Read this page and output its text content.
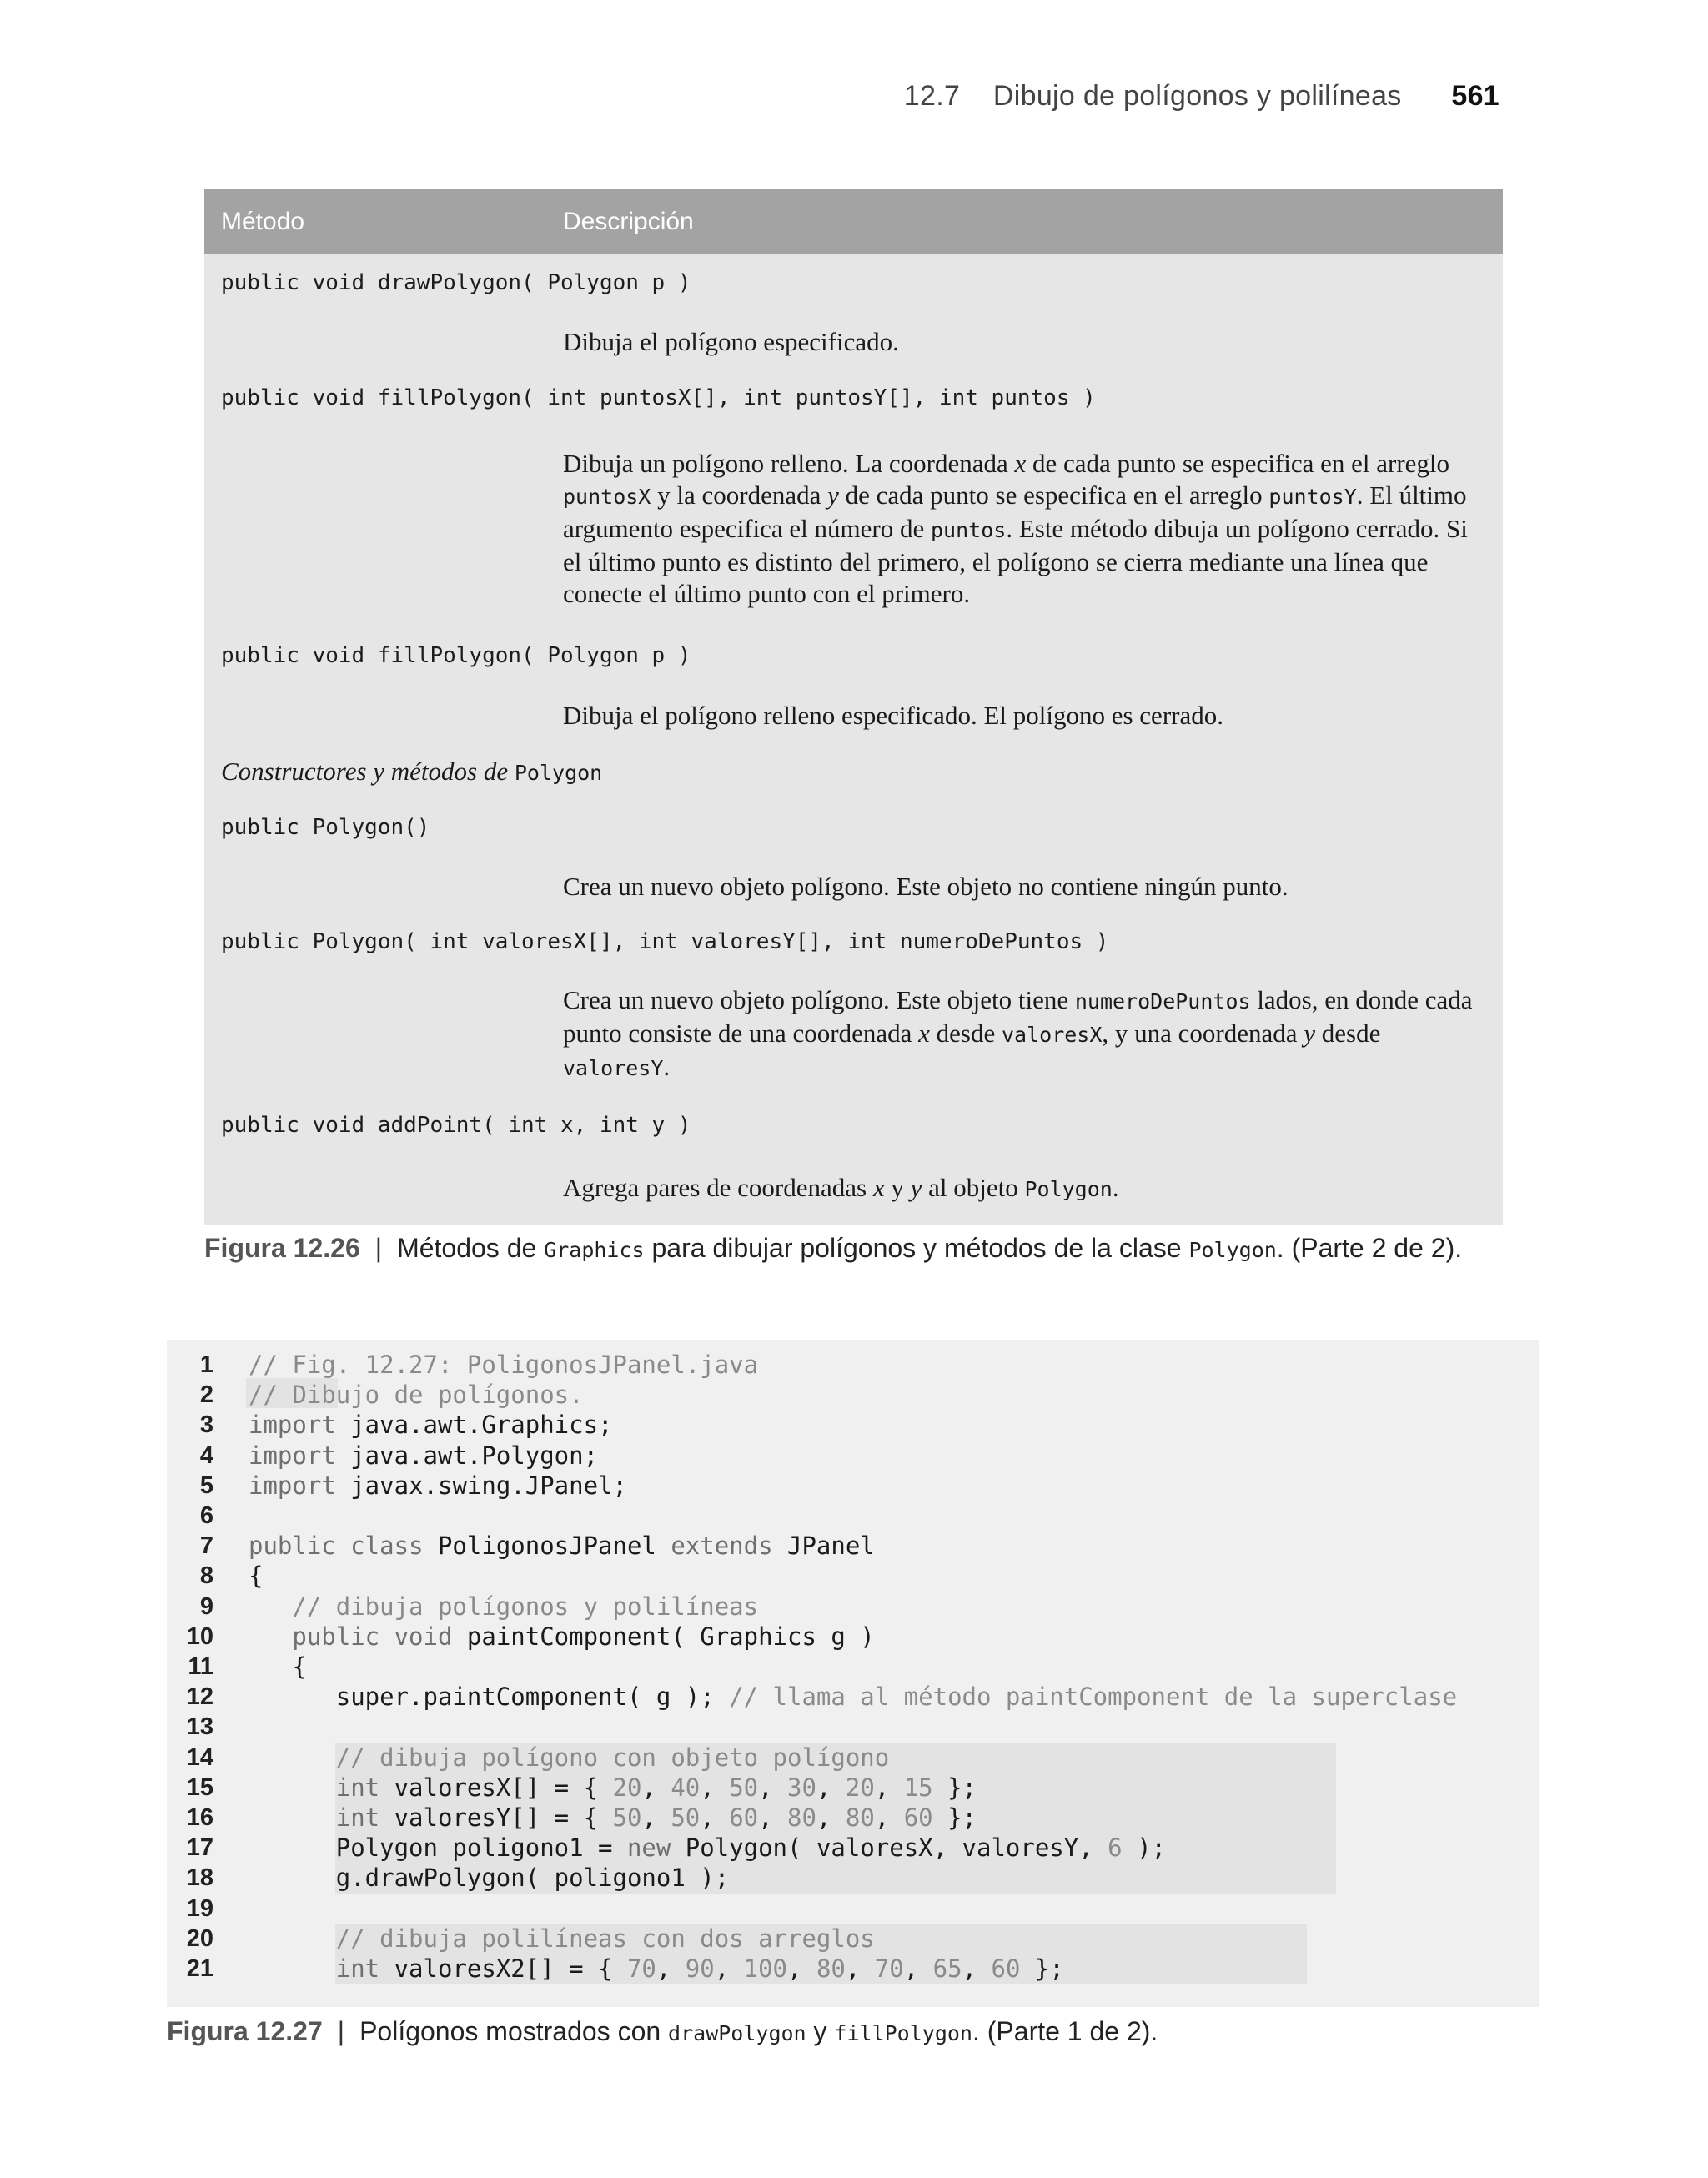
12.7 Dibujo de polígonos y polilíneas 561
Método	Descripción
public void drawPolygon( Polygon p )
Dibuja el polígono especificado.
public void fillPolygon( int puntosX[], int puntosY[], int puntos )
Dibuja un polígono relleno. La coordenada x de cada punto se especifica en el arreglo puntosX y la coordenada y de cada punto se especifica en el arreglo puntosY. El último argumento especifica el número de puntos. Este método dibuja un polígono cerrado. Si el último punto es distinto del primero, el polígono se cierra mediante una línea que conecte el último punto con el primero.
public void fillPolygon( Polygon p )
Dibuja el polígono relleno especificado. El polígono es cerrado.
Constructores y métodos de Polygon
public Polygon()
Crea un nuevo objeto polígono. Este objeto no contiene ningún punto.
public Polygon( int valoresX[], int valoresY[], int numeroDePuntos )
Crea un nuevo objeto polígono. Este objeto tiene numeroDePuntos lados, en donde cada punto consiste de una coordenada x desde valoresX, y una coordenada y desde valoresY.
public void addPoint( int x, int y )
Agrega pares de coordenadas x y y al objeto Polygon.
Figura 12.26 | Métodos de Graphics para dibujar polígonos y métodos de la clase Polygon. (Parte 2 de 2).
1 // Fig. 12.27: PoligonosJPanel.java
2 // Dibujo de polígonos.
3 import java.awt.Graphics;
4 import java.awt.Polygon;
5 import javax.swing.JPanel;
6
7 public class PoligonosJPanel extends JPanel
8 {
9 // dibuja polígonos y polilíneas
10 public void paintComponent( Graphics g )
11 {
12 super.paintComponent( g ); // llama al método paintComponent de la superclase
13
14 // dibuja polígono con objeto polígono
15 int valoresX[] = { 20, 40, 50, 30, 20, 15 };
16 int valoresY[] = { 50, 50, 60, 80, 80, 60 };
17 Polygon poligono1 = new Polygon( valoresX, valoresY, 6 );
18 g.drawPolygon( poligono1 );
19
20 // dibuja polilíneas con dos arreglos
21 int valoresX2[] = { 70, 90, 100, 80, 70, 65, 60 };
Figura 12.27 | Polígonos mostrados con drawPolygon y fillPolygon. (Parte 1 de 2).
